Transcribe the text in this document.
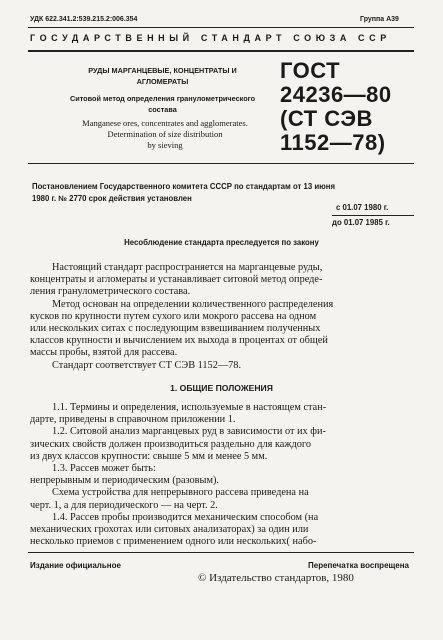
УДК 622.341.2:539.215.2:006.354	Группа А39
ГОСУДАРСТВЕННЫЙ СТАНДАРТ СОЮЗА ССР
РУДЫ МАРГАНЦЕВЫЕ, КОНЦЕНТРАТЫ И
АГЛОМЕРАТЫ
Ситовой метод определения гранулометрического
состава
Manganese ores, concentrates and agglomerates.
Determination of size distribution
by sieving
ГОСТ
24236—80
(СТ СЭВ
1152—78)
Постановлением Государственного комитета СССР по стандартам от 13 июня
1980 г. № 2770 срок действия установлен
с 01.07 1980 г.
до 01.07 1985 г.
Несоблюдение стандарта преследуется по закону

Настоящий стандарт распространяется на марганцевые руды,

концентраты и агломераты и устанавливает ситовой метод опреде-

ления гранулометрического состава.

Метод основан на определении количественного распределения

кусков по крупности путем сухого или мокрого рассева на одном

или нескольких ситах с последующим взвешиванием полученных

классов крупности и вычислением их выхода в процентах от общей

массы пробы, взятой для рассева.

Стандарт соответствует СТ СЭВ 1152—78.

1. ОБЩИЕ ПОЛОЖЕНИЯ

1.1. Термины и определения, используемые в настоящем стан-

дарте, приведены в справочном приложении 1.

1.2. Ситовой анализ марганцевых руд в зависимости от их фи-

зических свойств должен производиться раздельно для каждого

из двух классов крупности: свыше 5 мм и менее 5 мм.

1.3. Рассев может быть:

непрерывным и периодическим (разовым).

Схема устройства для непрерывного рассева приведена на

черт. 1, а для периодического — на черт. 2.

1.4. Рассев пробы производится механическим способом (на

механических грохотах или ситовых анализаторах) за один или

несколько приемов с применением одного или нескольких( набо-

Издание официальное	Перепечатка воспрещена
© Издательство стандартов, 1980
